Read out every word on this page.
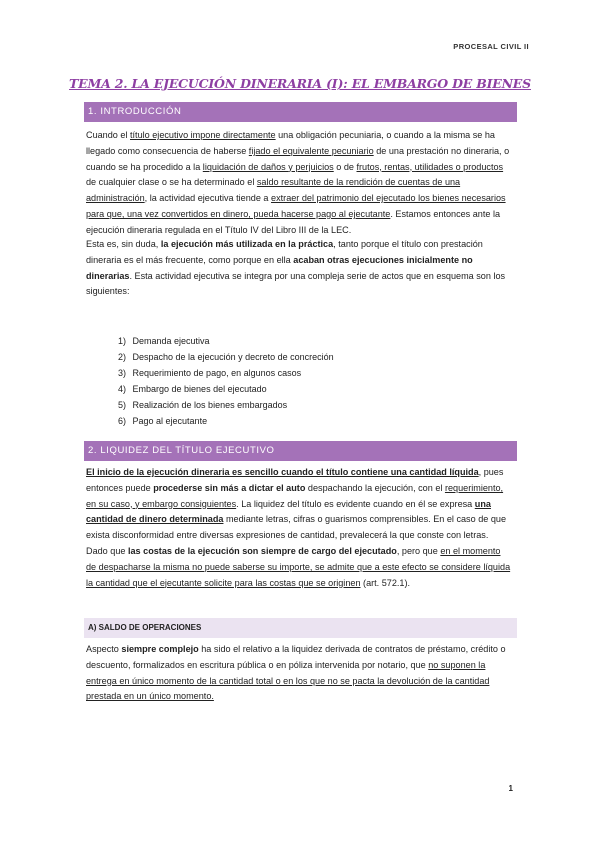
PROCESAL CIVIL II
TEMA 2. LA EJECUCIÓN DINERARIA (I): EL EMBARGO DE BIENES
1. INTRODUCCIÓN
Cuando el título ejecutivo impone directamente una obligación pecuniaria, o cuando a la misma se ha llegado como consecuencia de haberse fijado el equivalente pecuniario de una prestación no dineraria, o cuando se ha procedido a la liquidación de daños y perjuicios o de frutos, rentas, utilidades o productos de cualquier clase o se ha determinado el saldo resultante de la rendición de cuentas de una administración, la actividad ejecutiva tiende a extraer del patrimonio del ejecutado los bienes necesarios para que, una vez convertidos en dinero, pueda hacerse pago al ejecutante. Estamos entonces ante la ejecución dineraria regulada en el Título IV del Libro III de la LEC.
Esta es, sin duda, la ejecución más utilizada en la práctica, tanto porque el título con prestación dineraria es el más frecuente, como porque en ella acaban otras ejecuciones inicialmente no dinerarias. Esta actividad ejecutiva se integra por una compleja serie de actos que en esquema son los siguientes:
1) Demanda ejecutiva
2) Despacho de la ejecución y decreto de concreción
3) Requerimiento de pago, en algunos casos
4) Embargo de bienes del ejecutado
5) Realización de los bienes embargados
6) Pago al ejecutante
2. LIQUIDEZ DEL TÍTULO EJECUTIVO
El inicio de la ejecución dineraria es sencillo cuando el título contiene una cantidad líquida, pues entonces puede procederse sin más a dictar el auto despachando la ejecución, con el requerimiento, en su caso, y embargo consiguientes. La liquidez del título es evidente cuando en él se expresa una cantidad de dinero determinada mediante letras, cifras o guarismos comprensibles. En el caso de que exista disconformidad entre diversas expresiones de cantidad, prevalecerá la que conste con letras. Dado que las costas de la ejecución son siempre de cargo del ejecutado, pero que en el momento de despacharse la misma no puede saberse su importe, se admite que a este efecto se considere líquida la cantidad que el ejecutante solicite para las costas que se originen (art. 572.1).
A) SALDO DE OPERACIONES
Aspecto siempre complejo ha sido el relativo a la liquidez derivada de contratos de préstamo, crédito o descuento, formalizados en escritura pública o en póliza intervenida por notario, que no suponen la entrega en único momento de la cantidad total o en los que no se pacta la devolución de la cantidad prestada en un único momento.
1
